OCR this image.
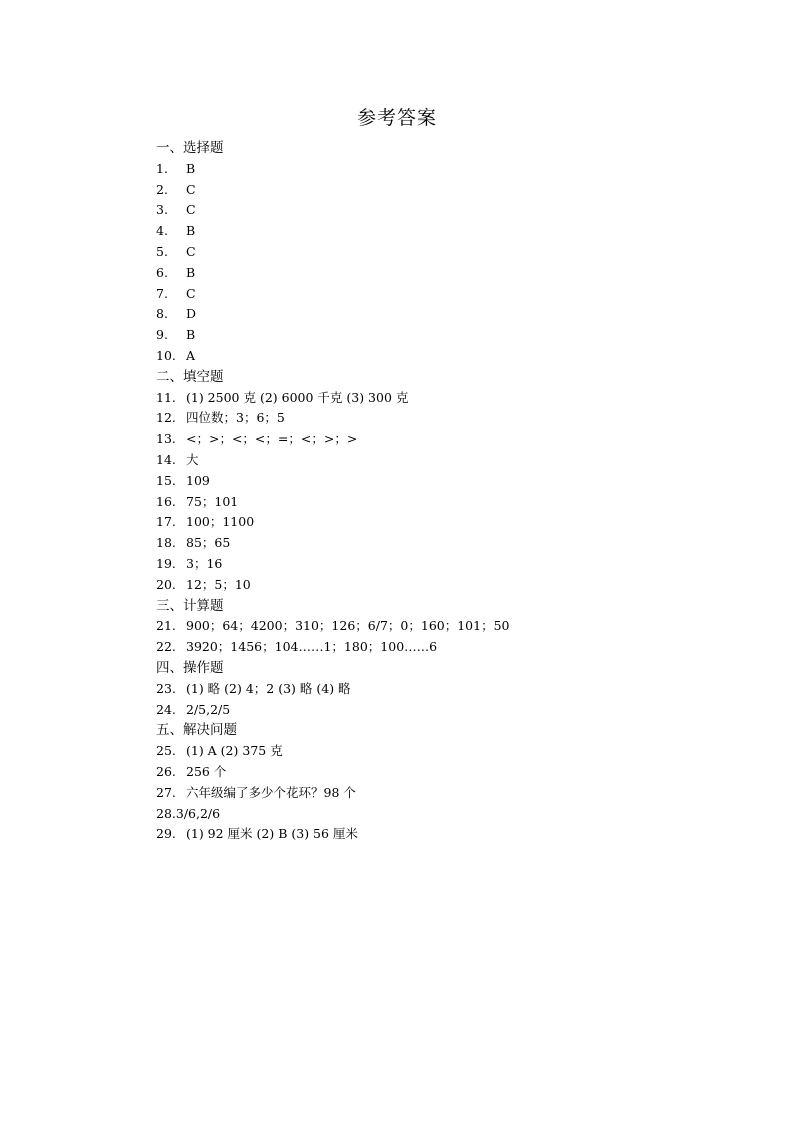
参考答案
一、选择题
1. B
2. C
3. C
4. B
5. C
6. B
7. C
8. D
9. B
10. A
二、填空题
11. (1) 2500 克 (2) 6000 千克 (3) 300 克
12. 四位数；3；6；5
13. <；>；<；<；=；<；>；>
14. 大
15. 109
16. 75；101
17. 100；1100
18. 85；65
19. 3；16
20. 12；5；10
三、计算题
21. 900；64；4200；310；126；6/7；0；160；101；50
22. 3920；1456；104……1；180；100……6
四、操作题
23. (1) 略 (2) 4；2 (3) 略 (4) 略
24. 2/5,2/5
五、解决问题
25. (1) A (2) 375 克
26. 256 个
27. 六年级编了多少个花环？98 个
28.3/6,2/6
29. (1) 92 厘米 (2) B (3) 56 厘米
